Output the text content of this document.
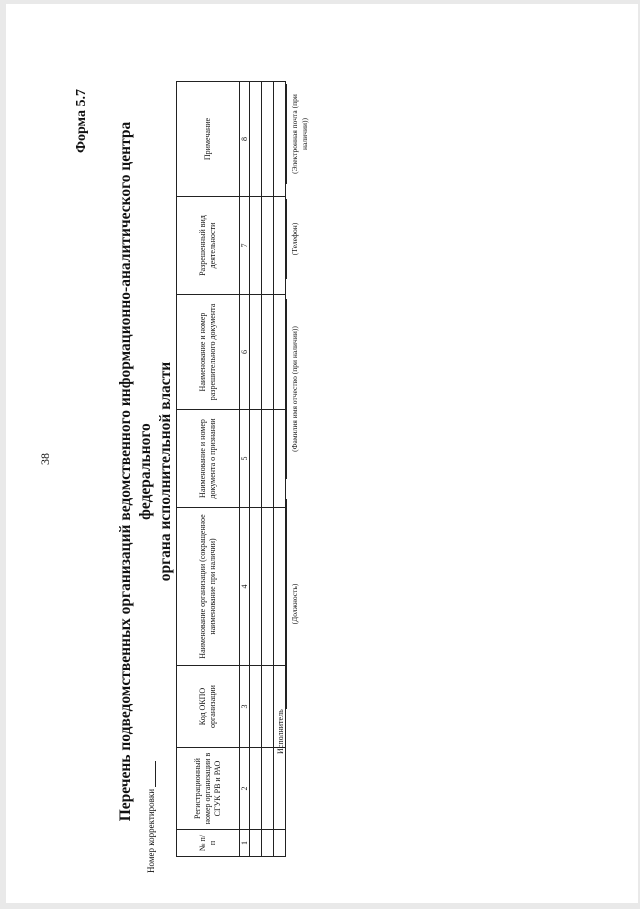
38
Форма 5.7
Перечень подведомственных организаций ведомственного информационно-аналитического центра федерального органа исполнительной власти
Номер корректировки	№ п/п	Регистрационный номер организации в СГУК РВ и РАО	Код ОКПО организации	Наименование организации (сокращенное наименование при наличии)	Наименование и номер документа о признании	Наименование и номер разрешительного документа	Разрешенный вид деятельности	Примечание
1	2	3	4	5	6	7	8

Исполнитель
(Должность)
(Фамилия имя отчество (при наличии))
(Телефон)
(Электронная почта (при наличии))
